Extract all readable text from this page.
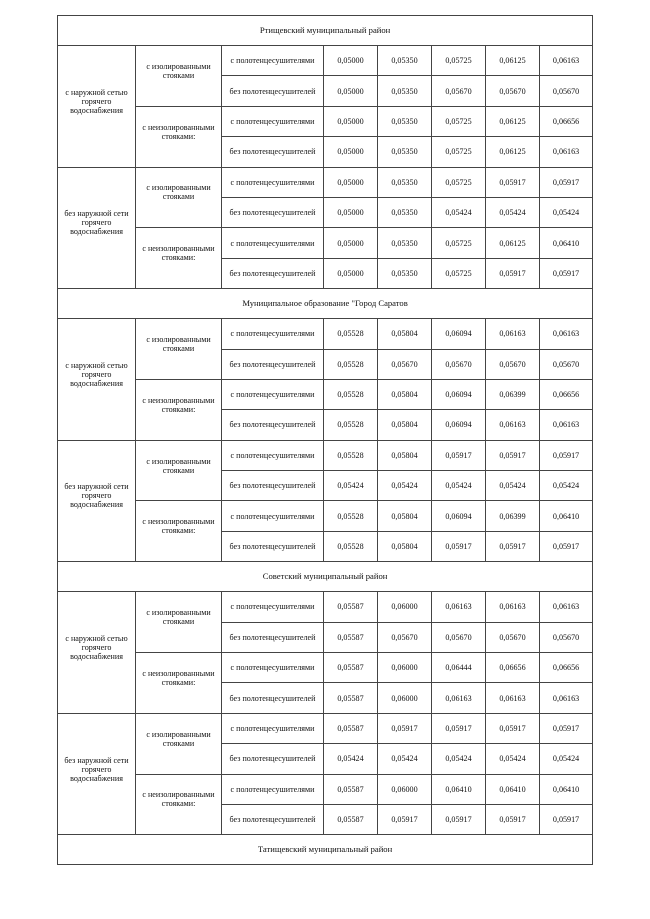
Ртищевский муниципальный район							
с наружной сетью горячего водоснабжения	с изолированными стояками	с полотенцесушителями	0,05000	0,05350	0,05725	0,06125	0,06163
		без полотенцесушителей	0,05000	0,05350	0,05670	0,05670	0,05670
	с неизолированными стояками:	с полотенцесушителями	0,05000	0,05350	0,05725	0,06125	0,06656
		без полотенцесушителей	0,05000	0,05350	0,05725	0,06125	0,06163
без наружной сети горячего водоснабжения	с изолированными стояками	с полотенцесушителями	0,05000	0,05350	0,05725	0,05917	0,05917
		без полотенцесушителей	0,05000	0,05350	0,05424	0,05424	0,05424
	с неизолированными стояками:	с полотенцесушителями	0,05000	0,05350	0,05725	0,06125	0,06410
		без полотенцесушителей	0,05000	0,05350	0,05725	0,05917	0,05917
Муниципальное образование "Город Саратов							
с наружной сетью горячего водоснабжения	с изолированными стояками	с полотенцесушителями	0,05528	0,05804	0,06094	0,06163	0,06163
		без полотенцесушителей	0,05528	0,05670	0,05670	0,05670	0,05670
	с неизолированными стояками:	с полотенцесушителями	0,05528	0,05804	0,06094	0,06399	0,06656
		без полотенцесушителей	0,05528	0,05804	0,06094	0,06163	0,06163
без наружной сети горячего водоснабжения	с изолированными стояками	с полотенцесушителями	0,05528	0,05804	0,05917	0,05917	0,05917
		без полотенцесушителей	0,05424	0,05424	0,05424	0,05424	0,05424
	с неизолированными стояками:	с полотенцесушителями	0,05528	0,05804	0,06094	0,06399	0,06410
		без полотенцесушителей	0,05528	0,05804	0,05917	0,05917	0,05917
Советский муниципальный район							
с наружной сетью горячего водоснабжения	с изолированными стояками	с полотенцесушителями	0,05587	0,06000	0,06163	0,06163	0,06163
		без полотенцесушителей	0,05587	0,05670	0,05670	0,05670	0,05670
	с неизолированными стояками:	с полотенцесушителями	0,05587	0,06000	0,06444	0,06656	0,06656
		без полотенцесушителей	0,05587	0,06000	0,06163	0,06163	0,06163
без наружной сети горячего водоснабжения	с изолированными стояками	с полотенцесушителями	0,05587	0,05917	0,05917	0,05917	0,05917
		без полотенцесушителей	0,05424	0,05424	0,05424	0,05424	0,05424
	с неизолированными стояками:	с полотенцесушителями	0,05587	0,06000	0,06410	0,06410	0,06410
		без полотенцесушителей	0,05587	0,05917	0,05917	0,05917	0,05917
Татищевский муниципальный район							
